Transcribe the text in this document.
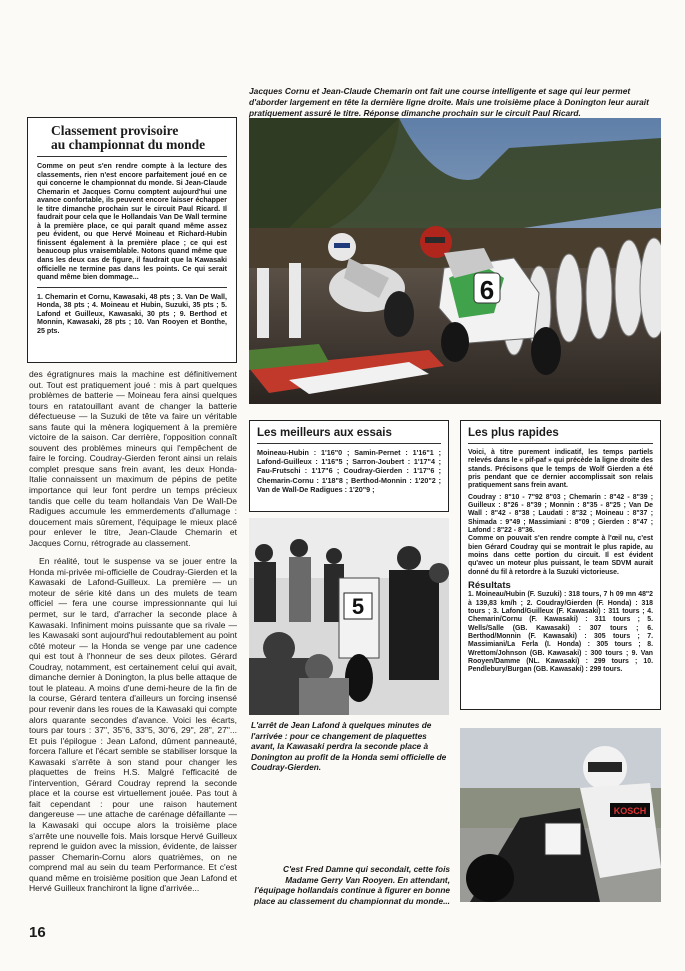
Jacques Cornu et Jean-Claude Chemarin ont fait une course intelligente et sage qui leur permet d'aborder largement en tête la dernière ligne droite. Mais une troisième place à Donington leur aurait pratiquement assuré le titre. Réponse dimanche prochain sur le circuit Paul Ricard.
6
Classement provisoire
au championnat du monde
Comme on peut s'en rendre compte à la lecture des classements, rien n'est encore parfaitement joué en ce qui concerne le championnat du monde. Si Jean-Claude Chemarin et Jacques Cornu comptent aujourd'hui une avance confortable, ils peuvent encore laisser échapper le titre dimanche prochain sur le circuit Paul Ricard. Il faudrait pour cela que le Hollandais Van De Wall termine à la première place, ce qui paraît quand même assez peu évident, ou que Hervé Moineau et Richard-Hubin finissent également à la première place ; ce qui est beaucoup plus vraisemblable. Notons quand même que dans les deux cas de figure, il faudrait que la Kawasaki officielle ne termine pas dans les points. Ce qui serait quand même bien dommage...
1. Chemarin et Cornu, Kawasaki, 48 pts ; 3. Van De Wall, Honda, 38 pts ; 4. Moineau et Hubin, Suzuki, 35 pts ; 5. Lafond et Guilleux, Kawasaki, 30 pts ; 9. Berthod et Monnin, Kawasaki, 28 pts ; 10. Van Rooyen et Bonthe, 25 pts.

des égratignures mais la machine est définitivement out. Tout est pratiquement joué : mis à part quelques problèmes de batterie — Moineau fera ainsi quelques tours en ratatouillant avant de changer la batterie défectueuse — la Suzuki de tête va faire un véritable sans faute qui la mènera logiquement à la première victoire de la saison. Car derrière, l'opposition connaît souvent des problèmes mineurs qui l'empêchent de faire le forcing. Coudray-Gierden feront ainsi un relais complet presque sans frein avant, les deux Honda-Italie connaissent un maximum de pépins de petite importance qui leur font perdre un temps précieux tandis que celle du team hollandais Van De Wall-De Radigues accumule les emmerdements d'allumage : doucement mais sûrement, l'équipage le mieux placé pour enlever le titre, Jean-Claude Chemarin et Jacques Cornu, rétrograde au classement.

En réalité, tout le suspense va se jouer entre la Honda mi-privée mi-officielle de Coudray-Gierden et la Kawasaki de Lafond-Guilleux. La première — un moteur de série kité dans un des mulets de team officiel — fera une course impressionnante qui lui permet, sur le tard, d'arracher la seconde place à Kawasaki. Infiniment moins puissante que sa rivale — les Kawasaki sont aujourd'hui redoutablement au point côté moteur — la Honda se venge par une cadence qui est tout à l'honneur de ses deux pilotes. Gérard Coudray, notamment, est certainement celui qui avait, dimanche dernier à Donington, la plus belle attaque de tout le plateau. A moins d'une demi-heure de la fin de la course, Gérard tentera d'ailleurs un forcing insensé pour revenir dans les roues de la Kawasaki qui compte alors quarante secondes d'avance. Voici les écarts, tours par tours : 37", 35"6, 33"5, 30"6, 29", 28", 27"... Et puis l'épilogue : Jean Lafond, dûment panneauté, forcera l'allure et l'écart semble se stabiliser lorsque la Kawasaki s'arrête à son stand pour changer les plaquettes de freins H.S. Malgré l'efficacité de l'intervention, Gérard Coudray reprend la seconde place et la course est virtuellement jouée. Pas tout à fait cependant : pour une raison hautement dangereuse — une attache de carénage défaillante — la Kawasaki qui occupe alors la troisième place s'arrête une nouvelle fois. Mais lorsque Hervé Guilleux reprend le guidon avec la mission, évidente, de laisser passer Chemarin-Cornu alors quatrièmes, on ne comprend mal au sein du team Performance. Et c'est quand même en troisième position que Jean Lafond et Hervé Guilleux franchiront la ligne d'arrivée...

16
Les meilleurs aux essais
Moineau-Hubin : 1'16"0 ; Samin-Pernet : 1'16"1 ; Lafond-Guilleux : 1'16"5 ; Sarron-Joubert : 1'17"4 ; Fau-Frutschi : 1'17"6 ; Coudray-Gierden : 1'17"6 ; Chemarin-Cornu : 1'18"8 ; Berthod-Monnin : 1'20"2 ; Van de Wall-De Radigues : 1'20"9 ;
5
L'arrêt de Jean Lafond à quelques minutes de l'arrivée : pour ce changement de plaquettes avant, la Kawasaki perdra la seconde place à Donington au profit de la Honda semi officielle de Coudray-Gierden.
Les plus rapides
Voici, à titre purement indicatif, les temps partiels relevés dans le « pif-paf » qui précède la ligne droite des stands. Précisons que le temps de Wolf Gierden a été pris pendant que ce dernier accomplissait son relais pratiquement sans frein avant.
Coudray : 8"10 - 7"92 8"03 ; Chemarin : 8"42 - 8"39 ; Guilleux : 8"26 - 8"39 ; Monnin : 8"35 - 8"25 ; Van De Wall : 8"42 - 8"38 ; Laudati : 8"32 ; Moineau : 8"37 ; Shimada : 9"49 ; Massimiani : 8"09 ; Gierden : 8"47 ; Lafond : 8"22 - 8"36.
Comme on pouvait s'en rendre compte à l'œil nu, c'est bien Gérard Coudray qui se montrait le plus rapide, au moins dans cette portion du circuit. Il est évident qu'avec un moteur plus puissant, le team SDVM aurait donné du fil à retordre à la Suzuki victorieuse.
Résultats
1. Moineau/Hubin (F. Suzuki) : 318 tours, 7 h 09 mn 48"2 à 139,83 km/h ; 2. Coudray/Gierden (F. Honda) : 318 tours ; 3. Lafond/Guilleux (F. Kawasaki) : 311 tours ; 4. Chemarin/Cornu (F. Kawasaki) : 311 tours ; 5. Wells/Salle (GB. Kawasaki) : 307 tours ; 6. Berthod/Monnin (F. Kawasaki) : 305 tours ; 7. Massimiani/La Ferla (I. Honda) : 305 tours ; 8. Wrettom/Johnson (GB. Kawasaki) : 300 tours ; 9. Van Rooyen/Damme (NL. Kawasaki) : 299 tours ; 10. Pendlebury/Burgan (GB. Kawasaki) : 299 tours.
KOSCH
C'est Fred Damne qui secondait, cette fois Madame Gerry Van Rooyen. En attendant, l'équipage hollandais continue à figurer en bonne place au classement du championnat du monde...
